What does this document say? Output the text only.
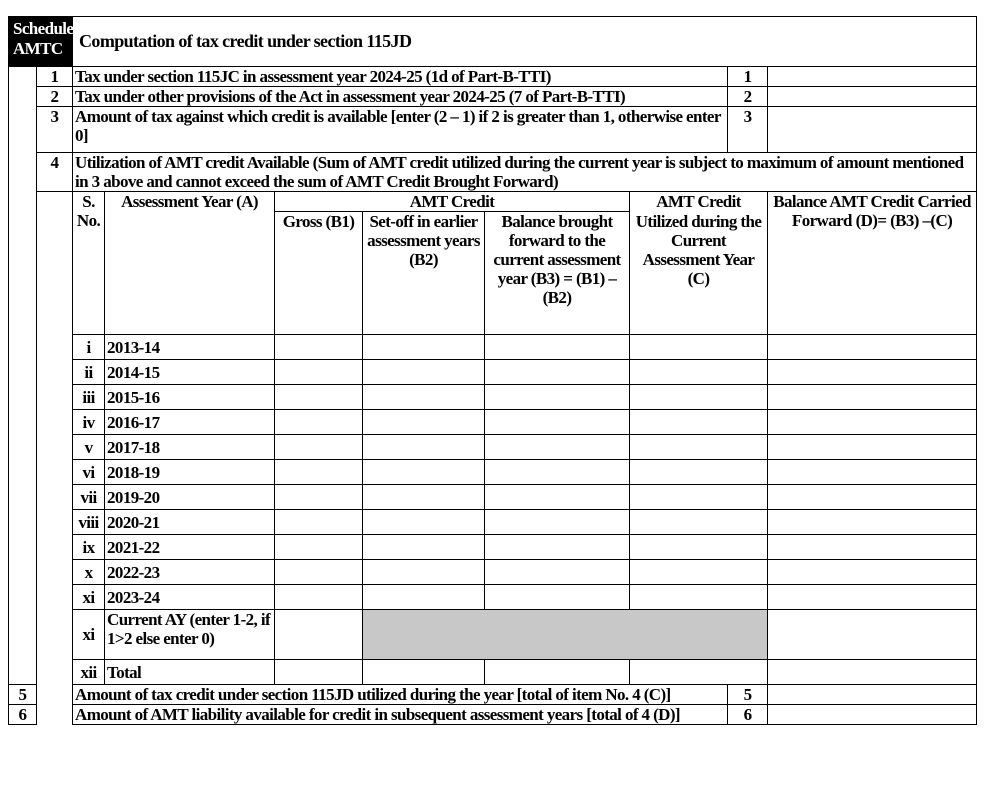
Schedule
AMTC		Computation of tax credit under section 115JD							
	1	Tax under section 115JC in assessment year 2024-25 (1d of Part-B-TTI)						1	
	2	Tax under other provisions of the Act in assessment year 2024-25 (7 of Part-B-TTI)						2	
	3	Amount of tax against which credit is available [enter (2 – 1) if 2 is greater than 1, otherwise enter 0]						3	
	4	Utilization of AMT credit Available (Sum of AMT credit utilized during the current year is subject to maximum of amount mentioned in 3 above and cannot exceed the sum of AMT Credit Brought Forward)							
		S. No.	Assessment Year (A)	AMT Credit			AMT Credit		Balance AMT Credit Carried Forward (D)= (B3) –(C)
				Gross (B1)	Set-off in earlier assessment years (B2)	Balance brought forward to the current assessment year (B3) = (B1) – (B2)	Utilized during the Current Assessment Year (C)		
		i	2013-14						
		ii	2014-15						
		iii	2015-16						
		iv	2016-17						
		v	2017-18						
		vi	2018-19						
		vii	2019-20						
		viii	2020-21						
		ix	2021-22						
		x	2022-23						
		xi	2023-24						
		xi	Current AY (enter 1-2, if 1>2 else enter 0)						
		xii	Total						
5		Amount of tax credit under section 115JD utilized during the year [total of item No. 4 (C)]						5	
6		Amount of AMT liability available for credit in subsequent assessment years [total of 4 (D)]						6	
